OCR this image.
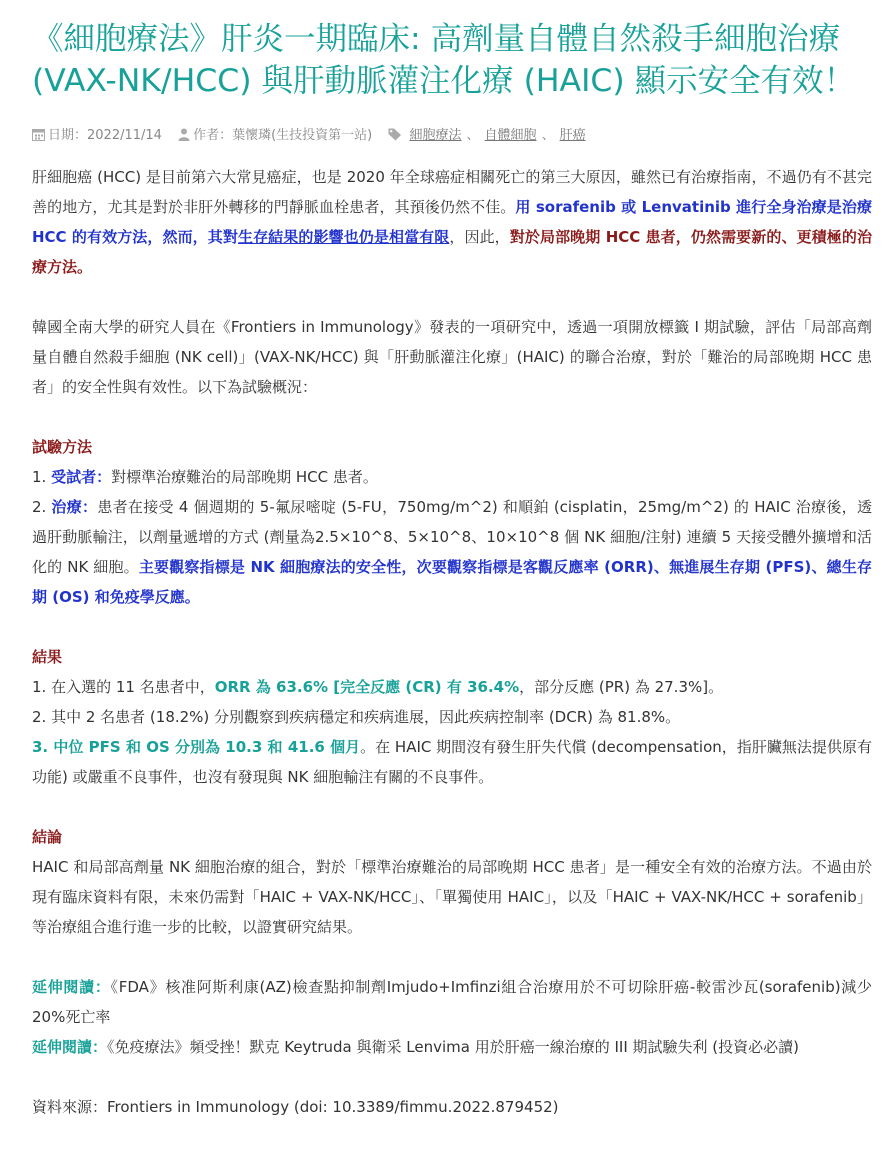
《細胞療法》肝炎一期臨床: 高劑量自體自然殺手細胞治療(VAX-NK/HCC) 與肝動脈灌注化療 (HAIC) 顯示安全有效！
日期：2022/11/14 作者：葉懷璘(生技投資第一站)	細胞療法 、 自體細胞 、 肝癌

肝細胞癌 (HCC) 是目前第六大常見癌症，也是 2020 年全球癌症相關死亡的第三大原因，雖然已有治療指南，不過仍有不甚完善的地方，尤其是對於非肝外轉移的門靜脈血栓患者，其預後仍然不佳。用 sorafenib 或 Lenvatinib 進行全身治療是治療 HCC 的有效方法，然而，其對生存結果的影響也仍是相當有限，因此，對於局部晚期 HCC 患者，仍然需要新的、更積極的治療方法。

韓國全南大學的研究人員在《Frontiers in Immunology》發表的一項研究中，透過一項開放標籤 I 期試驗，評估「局部高劑量自體自然殺手細胞 (NK cell)」(VAX-NK/HCC) 與「肝動脈灌注化療」(HAIC) 的聯合治療，對於「難治的局部晚期 HCC 患者」的安全性與有效性。以下為試驗概況：

試驗方法

1. 受試者：對標準治療難治的局部晚期 HCC 患者。

2. 治療：患者在接受 4 個週期的 5-氟尿嘧啶 (5-FU，750mg/m^2) 和順鉑 (cisplatin，25mg/m^2) 的 HAIC 治療後，透過肝動脈輸注，以劑量遞增的方式 (劑量為2.5×10^8、5×10^8、10×10^8 個 NK 細胞/注射) 連續 5 天接受體外擴增和活化的 NK 細胞。主要觀察指標是 NK 細胞療法的安全性，次要觀察指標是客觀反應率 (ORR)、無進展生存期 (PFS)、總生存期 (OS) 和免疫學反應。

結果

1. 在入選的 11 名患者中，ORR 為 63.6% [完全反應 (CR) 有 36.4%，部分反應 (PR) 為 27.3%]。

2. 其中 2 名患者 (18.2%) 分別觀察到疾病穩定和疾病進展，因此疾病控制率 (DCR) 為 81.8%。

3. 中位 PFS 和 OS 分別為 10.3 和 41.6 個月。在 HAIC 期間沒有發生肝失代償 (decompensation，指肝臟無法提供原有功能) 或嚴重不良事件，也沒有發現與 NK 細胞輸注有關的不良事件。

結論

HAIC 和局部高劑量 NK 細胞治療的組合，對於「標準治療難治的局部晚期 HCC 患者」是一種安全有效的治療方法。不過由於現有臨床資料有限，未來仍需對「HAIC + VAX-NK/HCC」、「單獨使用 HAIC」，以及「HAIC + VAX-NK/HCC + sorafenib」等治療組合進行進一步的比較，以證實研究結果。

延伸閱讀：《FDA》核准阿斯利康(AZ)檢查點抑制劑Imjudo+Imfinzi組合治療用於不可切除肝癌-較雷沙瓦(sorafenib)減少20%死亡率

延伸閱讀：《免疫療法》頻受挫！默克 Keytruda 與衛采 Lenvima 用於肝癌一線治療的 III 期試驗失利 (投資必必讀)

資料來源：Frontiers in Immunology (doi: 10.3389/fimmu.2022.879452)
